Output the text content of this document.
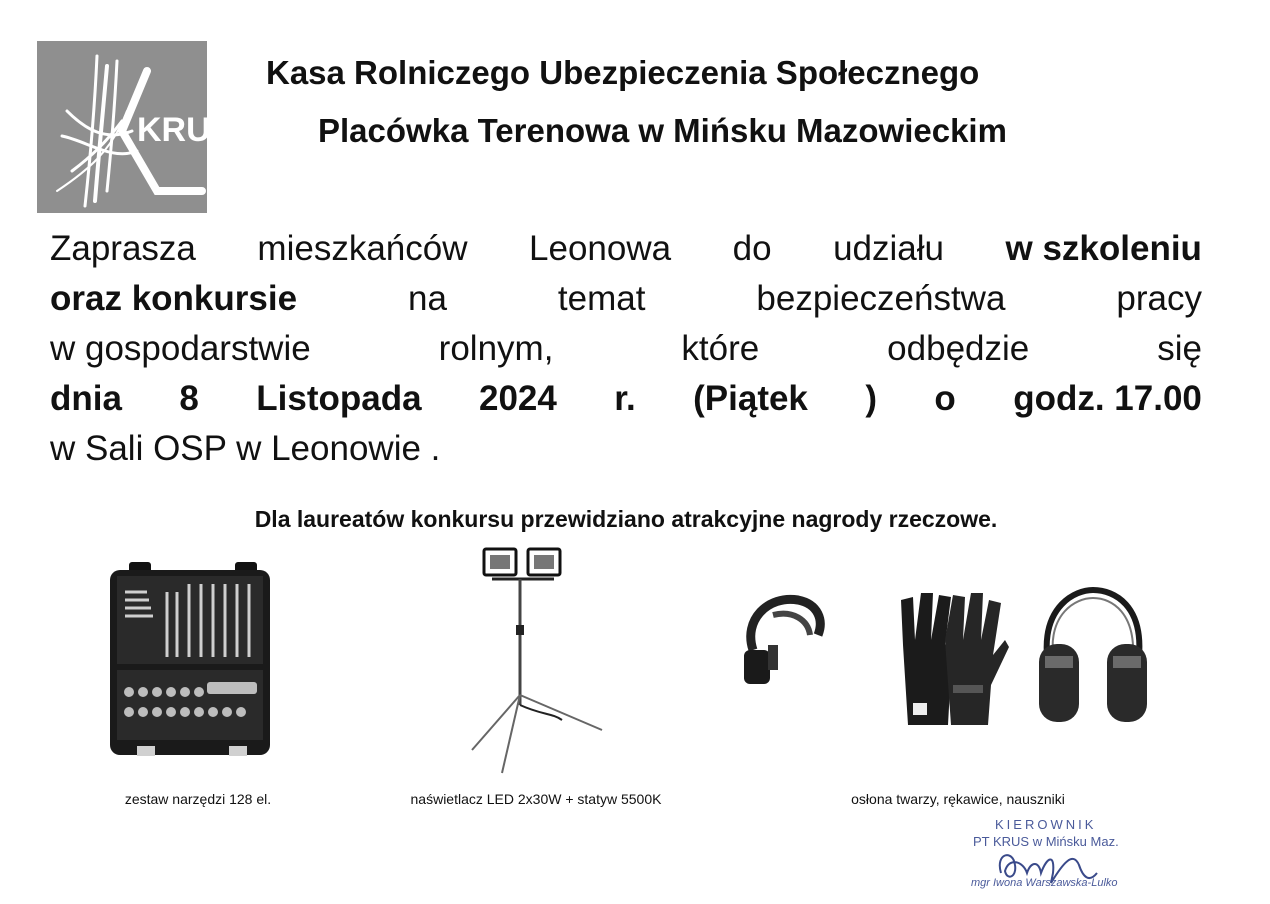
KRUS
Kasa Rolniczego Ubezpieczenia Społecznego
Placówka Terenowa w Mińsku Mazowieckim
Zaprasza mieszkańców Leonowa do udziału w szkoleniu
oraz konkursie	na	temat	bezpieczeństwa	pracy
w gospodarstwie	rolnym,	które	odbędzie	się
dnia 8 Listopada 2024 r. (Piątek ) o godz. 17.00
w Sali OSP w Leonowie .
Dla laureatów konkursu przewidziano atrakcyjne nagrody rzeczowe.
zestaw narzędzi 128 el.	naświetlacz LED 2x30W + statyw 5500K	osłona twarzy, rękawice, nauszniki
KIEROWNIK
PT KRUS w Mińsku Maz.
mgr Iwona Warszawska-Lulko
